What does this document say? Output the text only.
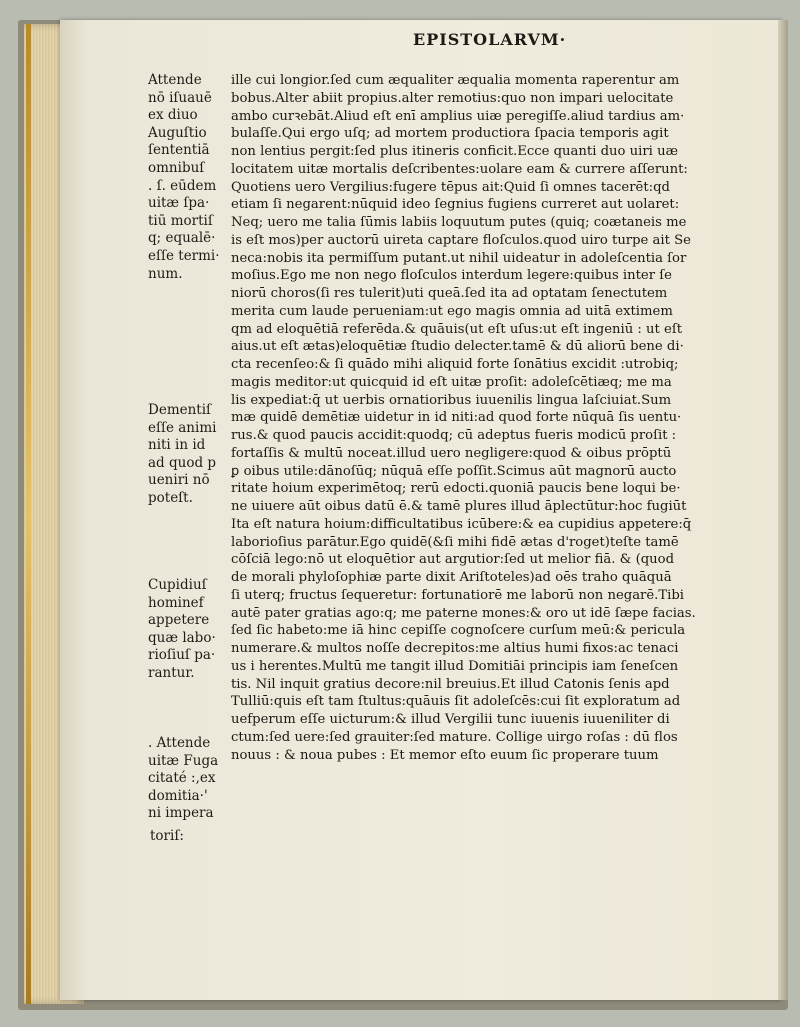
EPISTOLARVM·
Attende
nō iſuauē
ex diuo
Auguſtio
ſententiā
omnibuſ
. ſ. eūdem
uitæ ſpa·
tiū mortiſ
q; equalē·
eſſe termi·
num.
Dementiſ
eſſe animi
niti in id
ad quod p
ueniri nō
poteſt.
Cupidiuſ
hominef
appetere
quæ labo·
rioſiuſ pa·
rantur.
. Attende
uitæ Fuga
citaté :,ex
domitia·'
ni impera
ille cui longior.ſed cum æqualiter æqualia momenta raperentur am
bobus.Alter abiit propius.alter remotius:quo non impari uelocitate
ambo curꝛebāt.Aliud eſt enī amplius uiæ peregiſſe.aliud tardius am·
bulaſſe.Qui ergo uſq; ad mortem productiora ſpacia temporis agit
non lentius pergit:ſed plus itineris conficit.Ecce quanti duo uiri uæ
locitatem uitæ mortalis deſcribentes:uolare eam & currere aſſerunt:
Quotiens uero Vergilius:fugere tēpus ait:Quid ſi omnes tacerēt:qd
etiam ſi negarent:nūquid ideo ſegnius fugiens curreret aut uolaret:
Neq; uero me talia ſūmis labiis loquutum putes (quiq; coætaneis me
is eſt mos)per auctorū uireta captare floſculos.quod uiro turpe ait Se
neca:nobis ita permiſſum putant.ut nihil uideatur in adoleſcentia ſor
moſius.Ego me non nego floſculos interdum legere:quibus inter ſe
niorū choros(ſi res tulerit)uti queā.ſed ita ad optatam ſenectutem
merita cum laude perueniam:ut ego magis omnia ad uitā extimem
qm ad eloquētiā referēda.& quāuis(ut eſt uſus:ut eſt ingeniū : ut eſt
aius.ut eſt ætas)eloquētiæ ſtudio delecter.tamē & dū aliorū bene di·
cta recenſeo:& ſi quādo mihi aliquid forte ſonātius excidit :utrobiq;
magis meditor:ut quicquid id eſt uitæ proſit: adoleſcētiæq; me ma
lis expediat:q̄ ut uerbis ornatioribus iuuenilis lingua laſciuiat.Sum
mæ quidē demētiæ uidetur in id niti:ad quod forte nūquā ſis uentu·
rus.& quod paucis accidit:quodq; cū adeptus fueris modicū proſit :
fortaſſis & multū noceat.illud uero negligere:quod & oibus prōptū
ꝑ oibus utile:dānoſūq; nūquā eſſe poſſit.Scimus aūt magnorū aucto
ritate hoium experimētoq; rerū edocti.quoniā paucis bene loqui be·
ne uiuere aūt oibus datū ē.& tamē plures illud āplectūtur:hoc fugiūt
Ita eſt natura hoium:difficultatibus icūbere:& ea cupidius appetere:q̄
laborioſius parātur.Ego quidē(&ſi mihi fidē ætas d'roget)teſte tamē
cōſciā lego:nō ut eloquētior aut argutior:ſed ut melior fiā. & (quod
de morali phyloſophiæ parte dixit Ariſtoteles)ad oēs traho quāquā
ſi uterq; fructus ſequeretur: fortunatiorē me laborū non negarē.Tibi
autē pater gratias ago:q; me paterne mones:& oro ut idē ſæpe facias.
ſed ſic habeto:me iā hinc cepiſſe cognoſcere curſum meū:& pericula
numerare.& multos noſſe decrepitos:me altius humi fixos:ac tenaci
us i herentes.Multū me tangit illud Domitiāi principis iam ſeneſcen
tis. Nil inquit gratius decore:nil breuius.Et illud Catonis ſenis apd
Tulliū:quis eſt tam ſtultus:quāuis ſit adoleſcēs:cui ſit exploratum ad
uefperum eſſe uicturum:& illud Vergilii tunc iuuenis iuueniliter di
ctum:ſed uere:ſed grauiter:ſed mature. Collige uirgo roſas : dū flos
nouus : & noua pubes : Et memor eſto euum ſic properare tuum
toriſ:
